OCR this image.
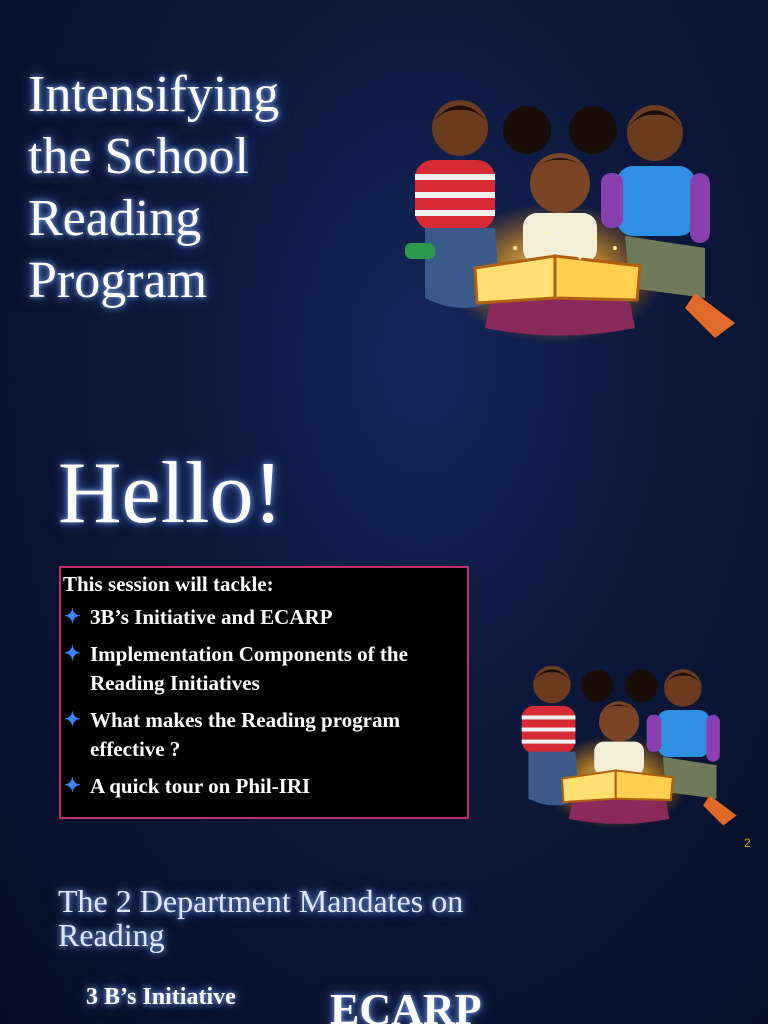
Intensifying
the School
Reading
Program
Hello!

This session will tackle:

✦ 3B’s Initiative and ECARP
✦ Implementation Components of the Reading Initiatives
✦ What makes the Reading program effective ?
✦ A quick tour on Phil-IRI
2
The 2 Department Mandates on
Reading
3 B’s Initiative ECARP
